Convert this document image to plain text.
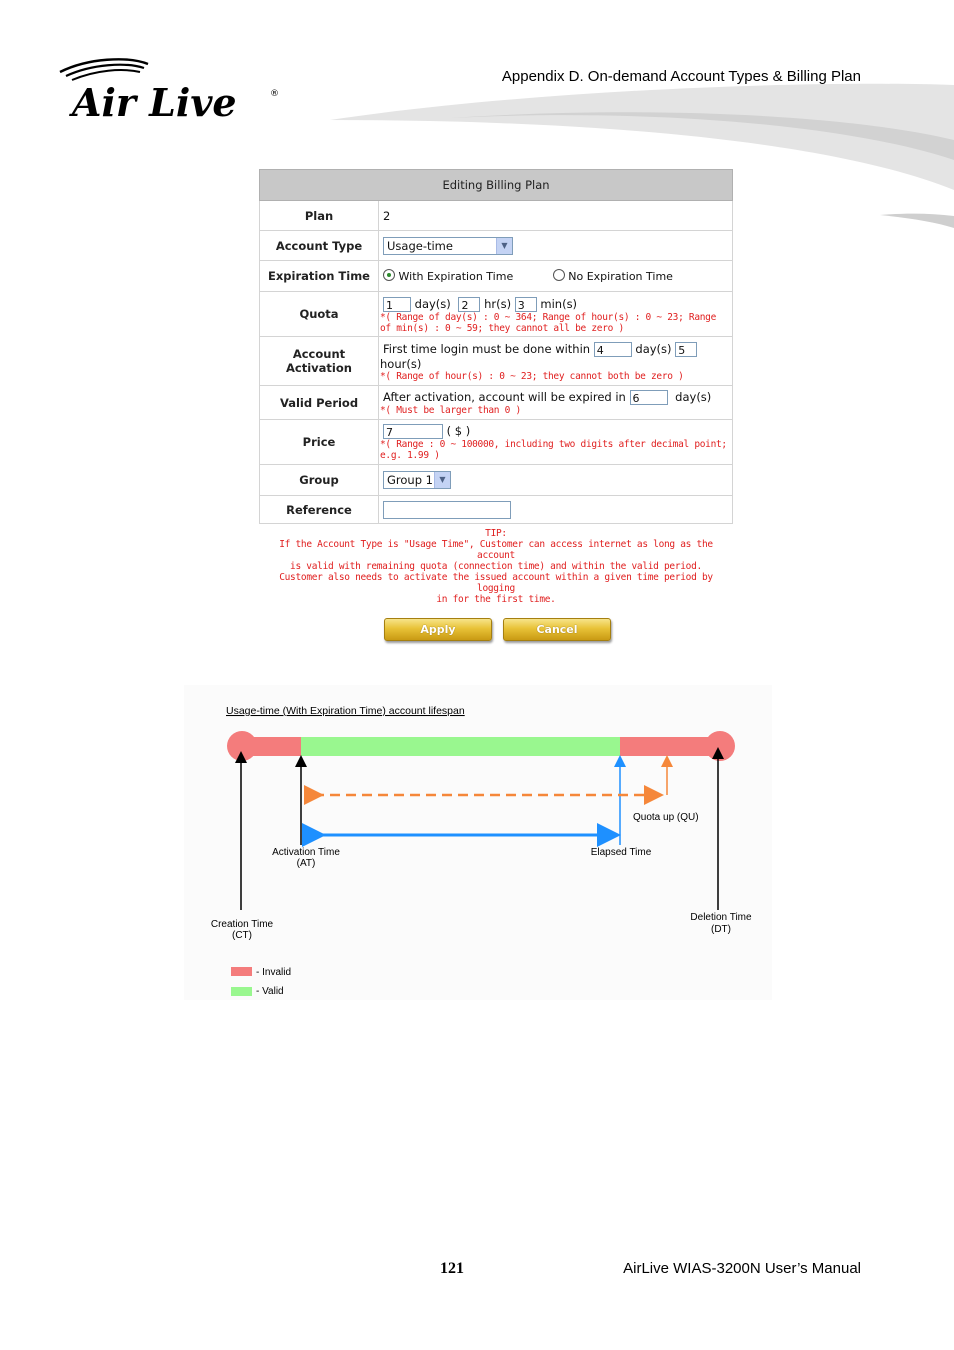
Air Live	®
Appendix D. On-demand Account Types & Billing Plan
Editing Billing Plan	
Plan	2
Account Type	Usage-time ▼

Expiration Time	With Expiration Time No Expiration Time
Quota	1 day(s) 2 hr(s) 3 min(s)
*( Range of day(s) : 0 ~ 364; Range of hour(s) : 0 ~ 23; Range
of min(s) : 0 ~ 59; they cannot all be zero )

Account Activation	First time login must be done within 4 day(s) 5
hour(s)
*( Range of hour(s) : 0 ~ 23; they cannot both be zero )

Valid Period	After activation, account will be expired in 6 day(s)
*( Must be larger than 0 )

Price	7 ( $ )
*( Range : 0 ~ 100000, including two digits after decimal point;
e.g. 1.99 )

Group	Group 1 ▼

Reference	
TIP:
If the Account Type is "Usage Time", Customer can access internet as long as the account
is valid with remaining quota (connection time) and within the valid period.
Customer also needs to activate the issued account within a given time period by logging
in for the first time.
Apply	Cancel
Usage-time (With Expiration Time) account lifespan
Quota up (QU)
Activation Time
(AT)
Elapsed Time
Creation Time
(CT)
Deletion Time
(DT)
- Invalid
- Valid
121	AirLive WIAS-3200N User’s Manual
